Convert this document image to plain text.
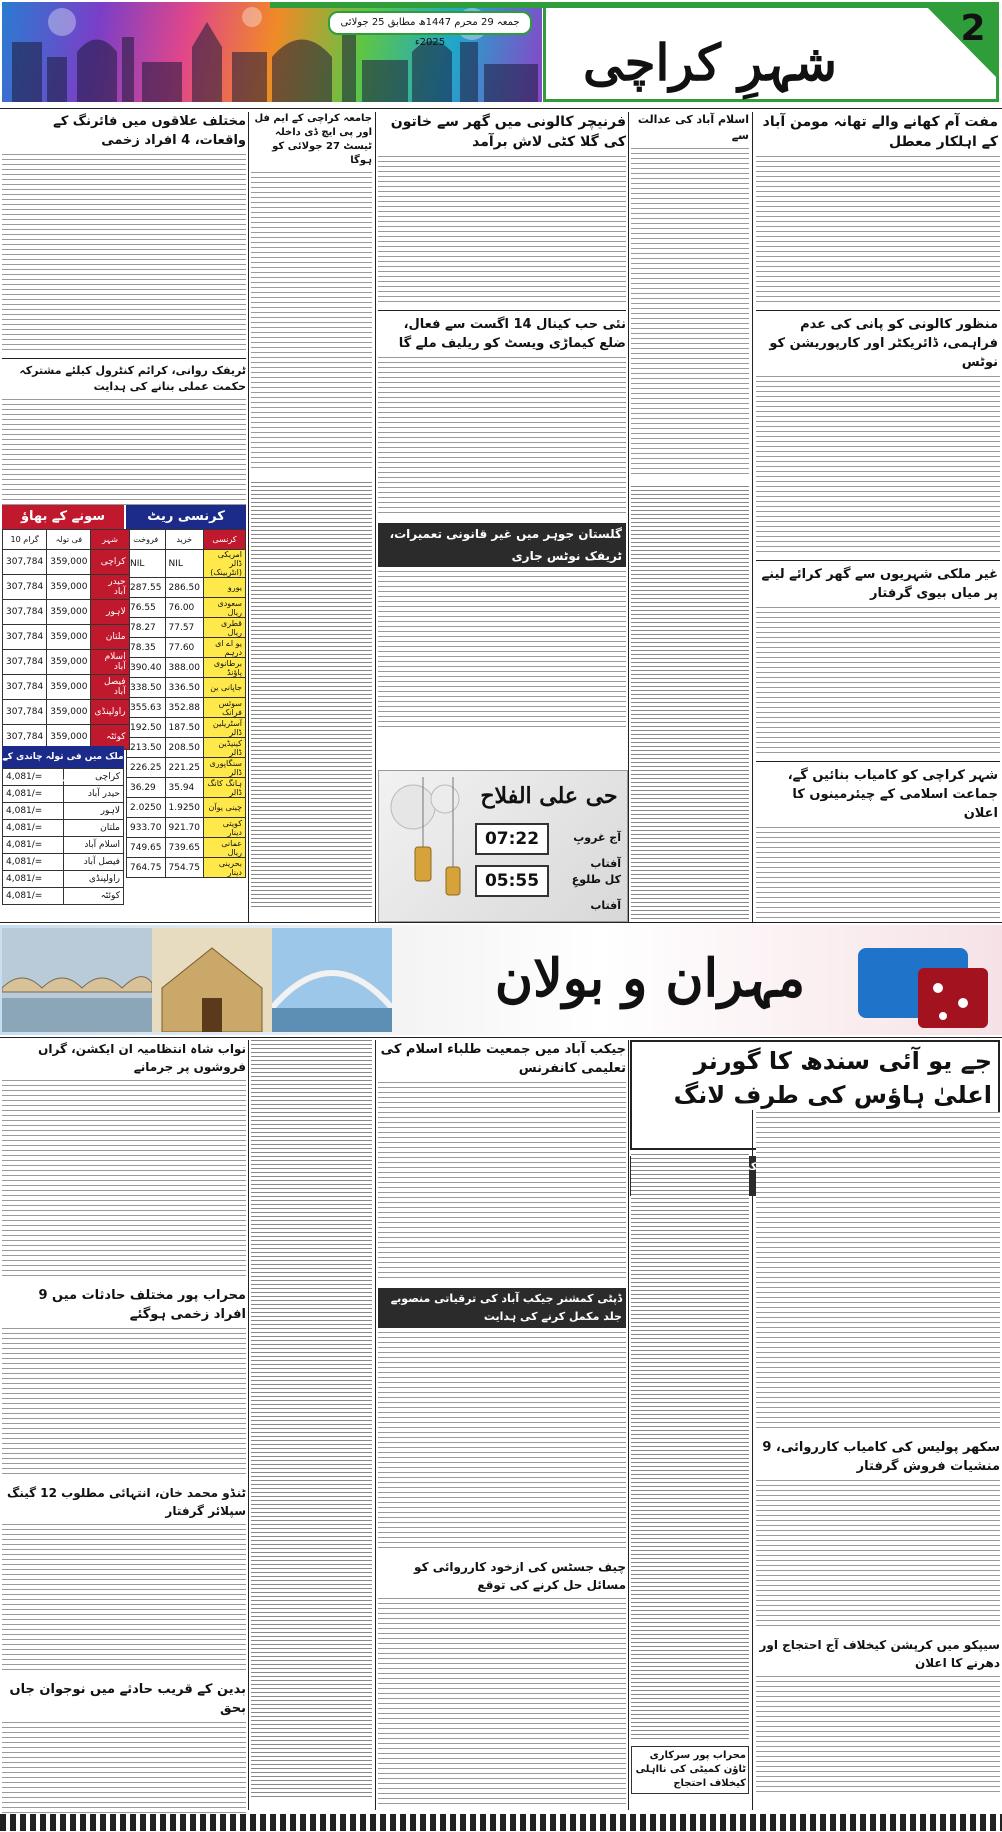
جمعہ 29 محرم 1447ھ مطابق 25 جولائی 2025ء	شہرِ کراچی
2
مفت آم کھانے والے تھانہ مومن آباد کے اہلکار معطل
منظور کالونی کو پانی کی عدم فراہمی، ڈائریکٹر اور کارپوریشن کو نوٹس
غیر ملکی شہریوں سے گھر کرائے لینے پر میاں بیوی گرفتار
شہر کراچی کو کامیاب بنائیں گے، جماعت اسلامی کے چیئرمینوں کا اعلان
اسلام آباد کی عدالت سے
فرنیچر کالونی میں گھر سے خاتون کی گلا کٹی لاش برآمد
نئی حب کینال 14 اگست سے فعال، ضلع کیماڑی ویسٹ کو ریلیف ملے گا
گلستان جوہر میں غیر قانونی تعمیرات، ٹریفک نوٹس جاری
حی علی الفلاح
آج غروبِ آفتاب
07:22
کل طلوعِ آفتاب
05:55
جامعہ کراچی کے ایم فل اور پی ایچ ڈی داخلہ ٹیسٹ 27 جولائی کو ہوگا
مختلف علاقوں میں فائرنگ کے واقعات، 4 افراد زخمی
ٹریفک روانی، کرائم کنٹرول کیلئے مشترکہ حکمت عملی بنانے کی ہدایت
کرنسی ریٹ
فروخت	خرید	کرنسی
NIL	NIL	امریکی ڈالر (انٹربینک)
287.55	286.50	یورو
76.55	76.00	سعودی ریال
78.27	77.57	قطری ریال
78.35	77.60	یو اے ای درہم
390.40	388.00	برطانوی پاؤنڈ
338.50	336.50	جاپانی ین
355.63	352.88	سوئس فرانک
192.50	187.50	آسٹریلین ڈالر
213.50	208.50	کینیڈین ڈالر
226.25	221.25	سنگاپوری ڈالر
36.29	35.94	ہانگ کانگ ڈالر
2.0250	1.9250	چینی یوآن
933.70	921.70	کویتی دینار
749.65	739.65	عمانی ریال
764.75	754.75	بحرینی دینار
سونے کے بھاؤ
10 گرام	فی تولہ	شہر
307,784	359,000	کراچی
307,784	359,000	حیدر آباد
307,784	359,000	لاہور
307,784	359,000	ملتان
307,784	359,000	اسلام آباد
307,784	359,000	فیصل آباد
307,784	359,000	راولپنڈی
307,784	359,000	کوئٹہ
ملک میں فی تولہ چاندی کے بھاؤ
4,081/=	کراچی
4,081/=	حیدر آباد
4,081/=	لاہور
4,081/=	ملتان
4,081/=	اسلام آباد
4,081/=	فیصل آباد
4,081/=	راولپنڈی
4,081/=	کوئٹہ
مہران و بولان
جے یو آئی سندھ کا گورنر اعلیٰ ہاؤس کی طرف لانگ
سکھر پولیس کی کامیاب کارروائی، 9 منشیات فروش گرفتار
سیپکو میں کرپشن کیخلاف آج احتجاج اور دھرنے کا اعلان
محراب پور سرکاری ٹاؤن کمیٹی کی نااہلی کیخلاف احتجاج
جیکب آباد میں جمعیت طلباء اسلام کی تعلیمی کانفرنس
ڈپٹی کمشنر جیکب آباد کی ترقیاتی منصوبے جلد مکمل کرنے کی ہدایت
چیف جسٹس کی ازخود کارروائی کو مسائل حل کرنے کی توقع
نواب شاہ انتظامیہ ان ایکشن، گراں فروشوں پر جرمانے
محراب پور مختلف حادثات میں 9 افراد زخمی ہوگئے
ٹنڈو محمد خان، انتہائی مطلوب 12 گینگ سپلائر گرفتار
بدین کے قریب حادثے میں نوجوان جاں بحق
